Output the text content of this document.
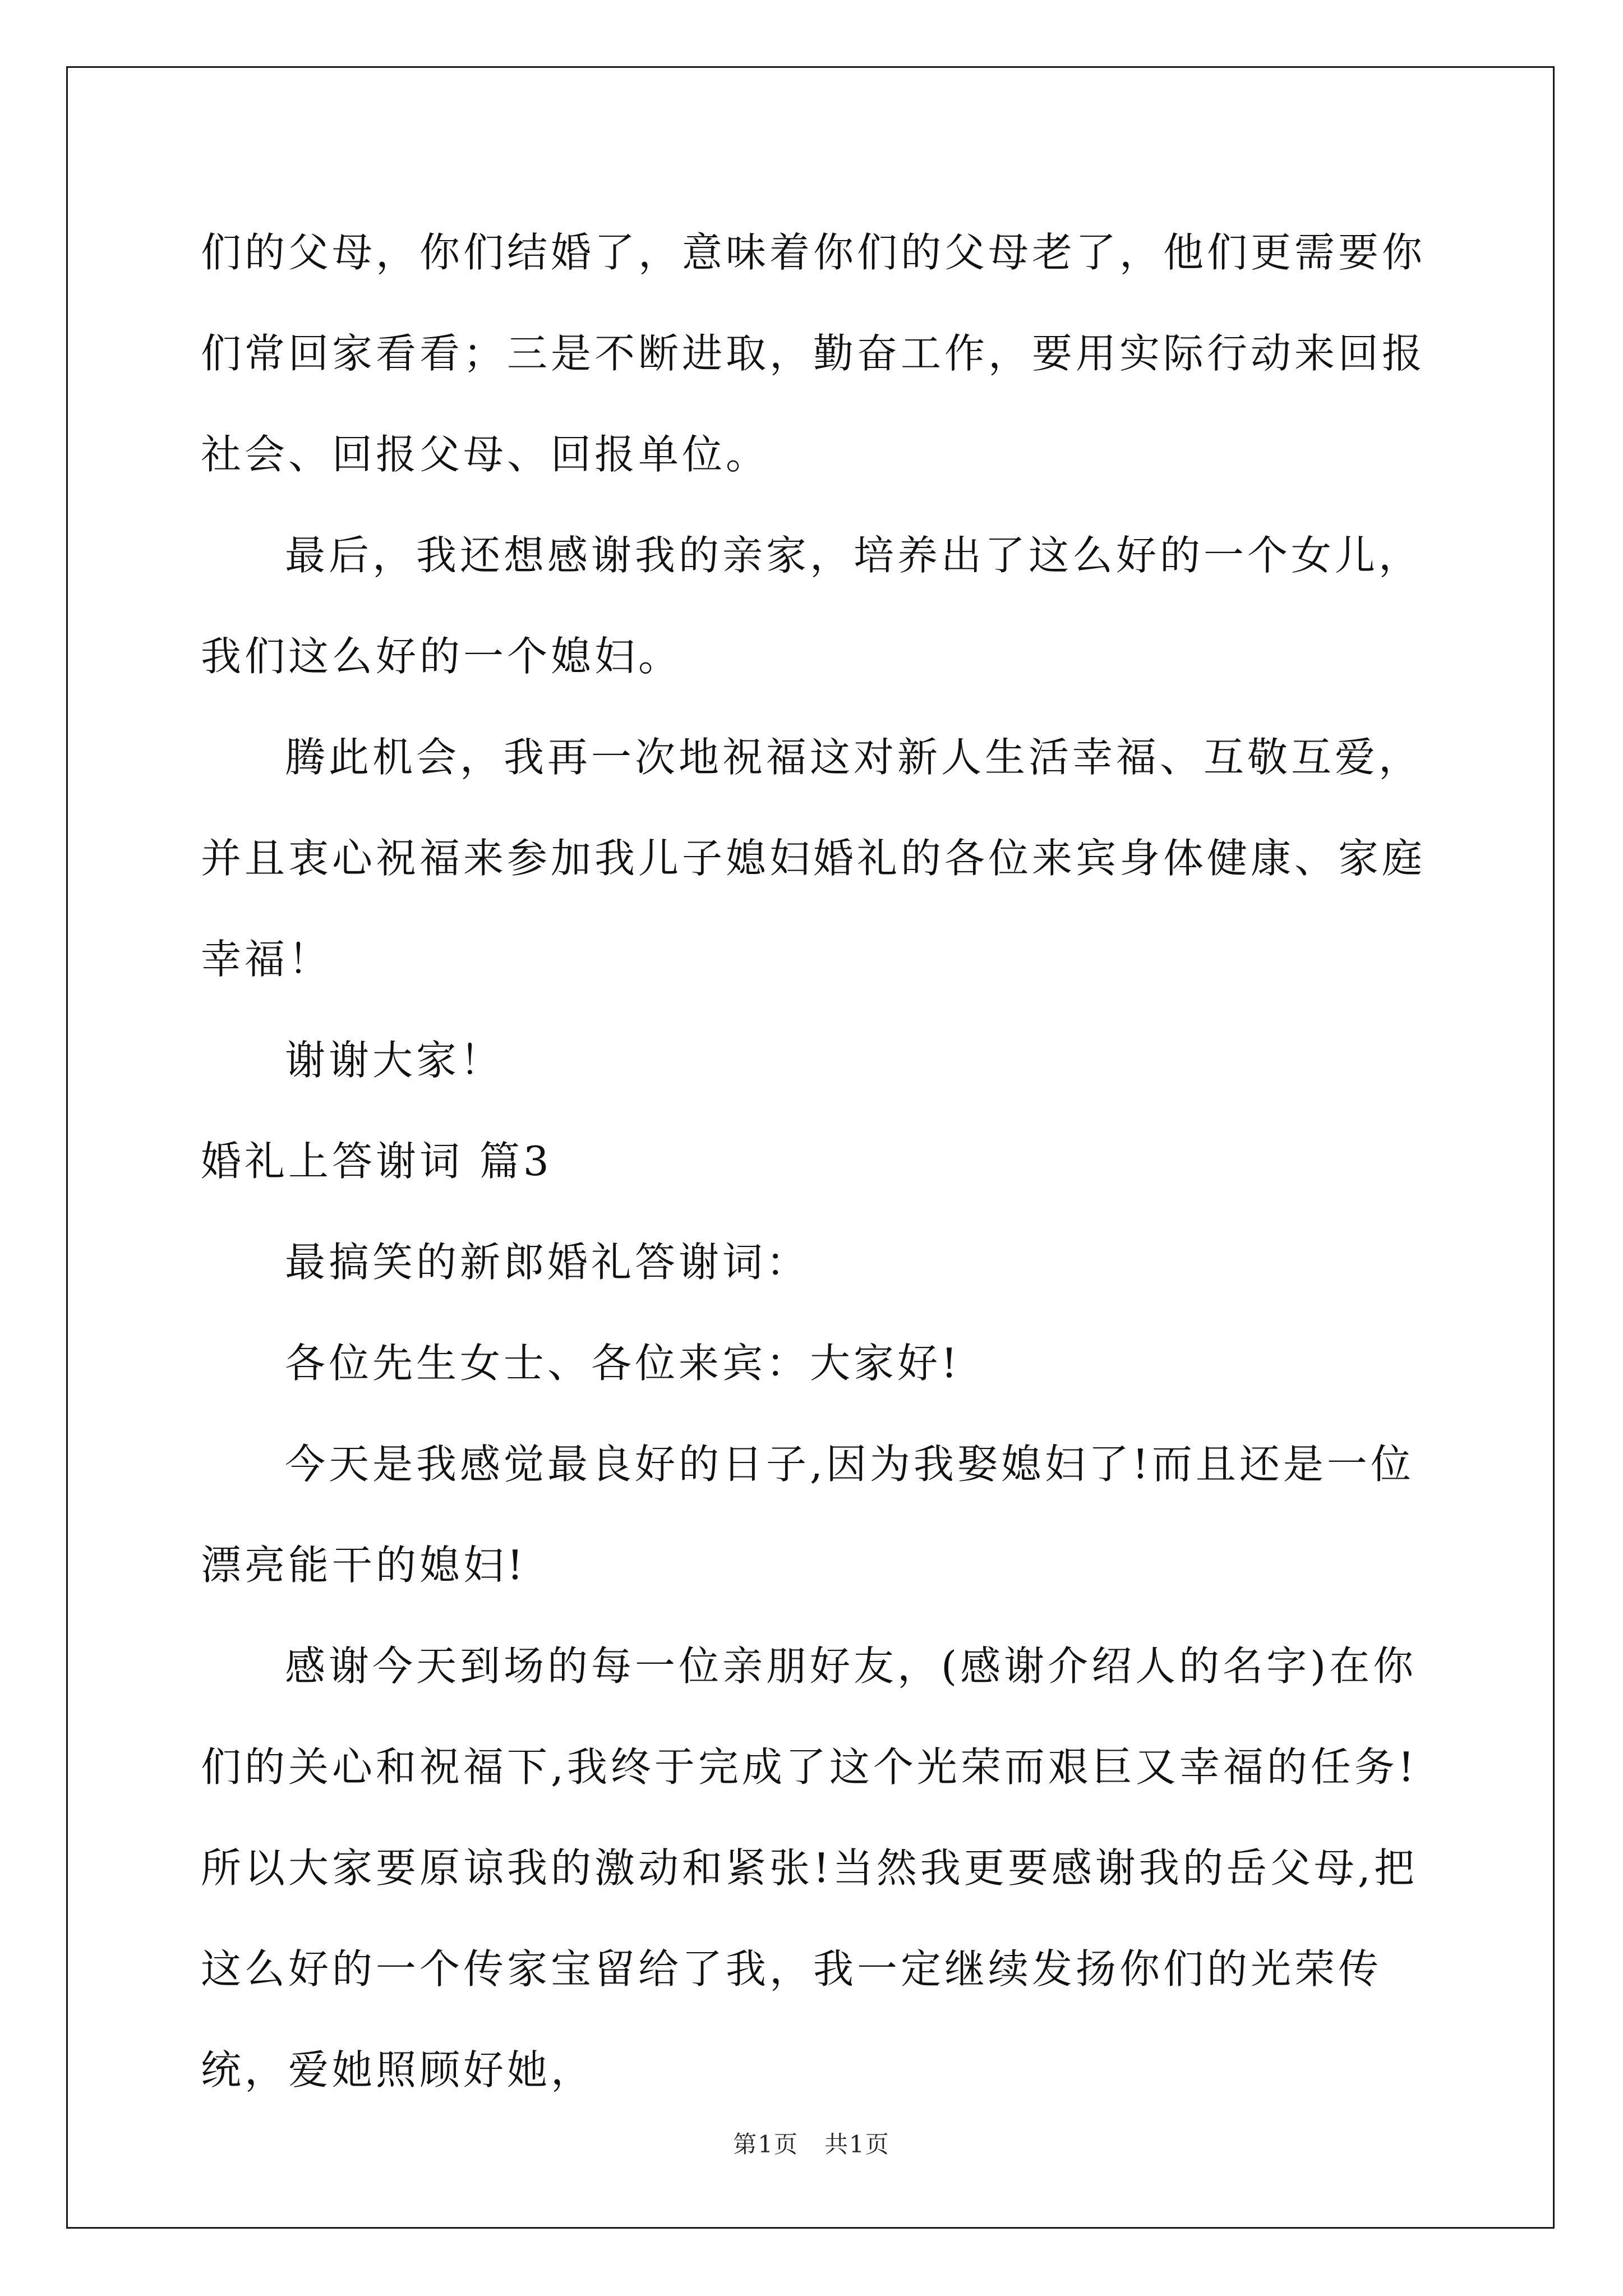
们的父母，你们结婚了，意味着你们的父母老了，他们更需要你们常回家看看；三是不断进取，勤奋工作，要用实际行动来回报社会、回报父母、回报单位。

最后，我还想感谢我的亲家，培养出了这么好的一个女儿，我们这么好的一个媳妇。

腾此机会，我再一次地祝福这对新人生活幸福、互敬互爱，并且衷心祝福来参加我儿子媳妇婚礼的各位来宾身体健康、家庭幸福！

谢谢大家！

婚礼上答谢词 篇3

最搞笑的新郎婚礼答谢词：

各位先生女士、各位来宾：大家好!

今天是我感觉最良好的日子,因为我娶媳妇了!而且还是一位漂亮能干的媳妇!

感谢今天到场的每一位亲朋好友，(感谢介绍人的名字)在你们的关心和祝福下,我终于完成了这个光荣而艰巨又幸福的任务!所以大家要原谅我的激动和紧张!当然我更要感谢我的岳父母,把这么好的一个传家宝留给了我，我一定继续发扬你们的光荣传统，爱她照顾好她，

第1页 共1页
